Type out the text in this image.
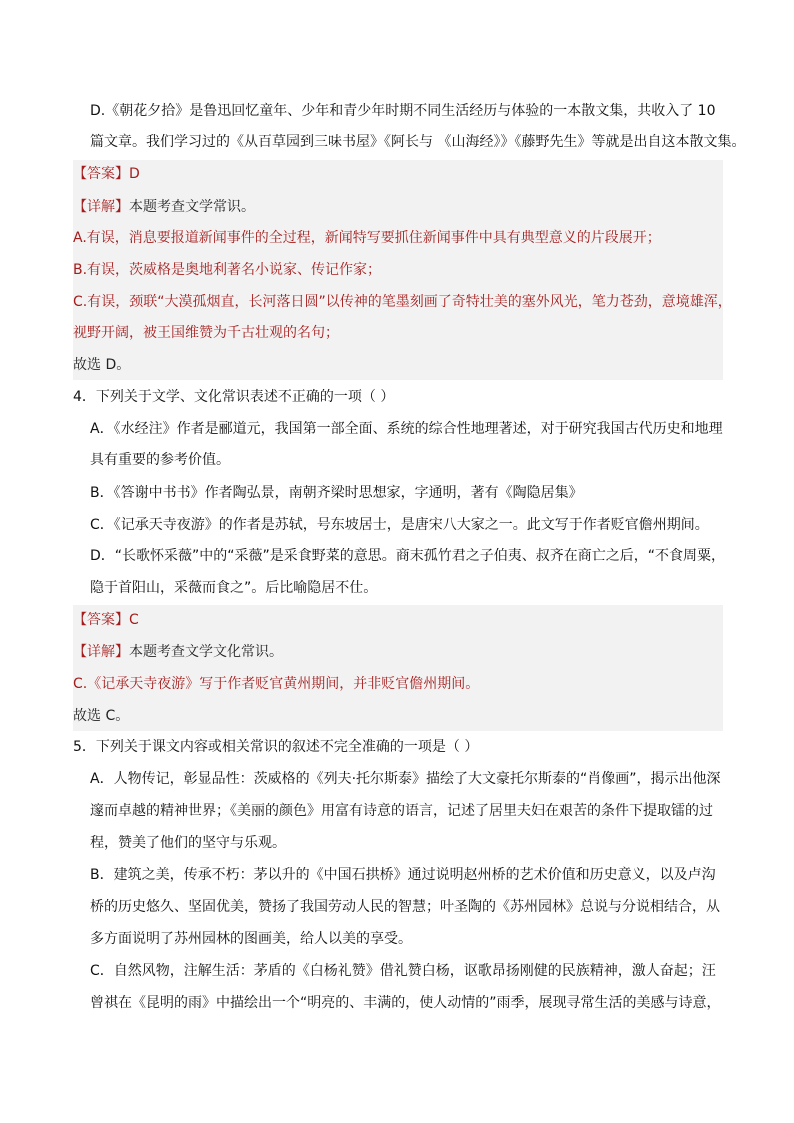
D.《朝花夕拾》是鲁迅回忆童年、少年和青少年时期不同生活经历与体验的一本散文集，共收入了 10
篇文章。我们学习过的《从百草园到三味书屋》《阿长与 《山海经》》《藤野先生》等就是出自这本散文集。
【答案】D
【详解】本题考查文学常识。
A.有误，消息要报道新闻事件的全过程，新闻特写要抓住新闻事件中具有典型意义的片段展开；
B.有误，茨威格是奥地利著名小说家、传记作家；
C.有误，颈联“大漠孤烟直，长河落日圆”以传神的笔墨刻画了奇特壮美的塞外风光，笔力苍劲，意境雄浑，
视野开阔，被王国维赞为千古壮观的名句；
故选 D。
4．下列关于文学、文化常识表述不正确的一项（ ）
A．《水经注》作者是郦道元，我国第一部全面、系统的综合性地理著述，对于研究我国古代历史和地理
具有重要的参考价值。
B．《答谢中书书》作者陶弘景，南朝齐梁时思想家，字通明，著有《陶隐居集》
C．《记承天寺夜游》的作者是苏轼，号东坡居士，是唐宋八大家之一。此文写于作者贬官儋州期间。
D．“长歌怀采薇”中的“采薇”是采食野菜的意思。商末孤竹君之子伯夷、叔齐在商亡之后，“不食周粟，
隐于首阳山，采薇而食之”。后比喻隐居不仕。
【答案】C
【详解】本题考查文学文化常识。
C.《记承天寺夜游》写于作者贬官黄州期间，并非贬官儋州期间。
故选 C。
5．下列关于课文内容或相关常识的叙述不完全准确的一项是（ ）
A．人物传记，彰显品性：茨威格的《列夫·托尔斯泰》描绘了大文豪托尔斯泰的“肖像画”，揭示出他深
邃而卓越的精神世界；《美丽的颜色》用富有诗意的语言，记述了居里夫妇在艰苦的条件下提取镭的过
程，赞美了他们的坚守与乐观。
B．建筑之美，传承不朽：茅以升的《中国石拱桥》通过说明赵州桥的艺术价值和历史意义，以及卢沟
桥的历史悠久、坚固优美，赞扬了我国劳动人民的智慧；叶圣陶的《苏州园林》总说与分说相结合，从
多方面说明了苏州园林的图画美，给人以美的享受。
C．自然风物，注解生活：茅盾的《白杨礼赞》借礼赞白杨，讴歌昂扬刚健的民族精神，激人奋起；汪
曾祺在《昆明的雨》中描绘出一个“明亮的、丰满的，使人动情的”雨季，展现寻常生活的美感与诗意，
